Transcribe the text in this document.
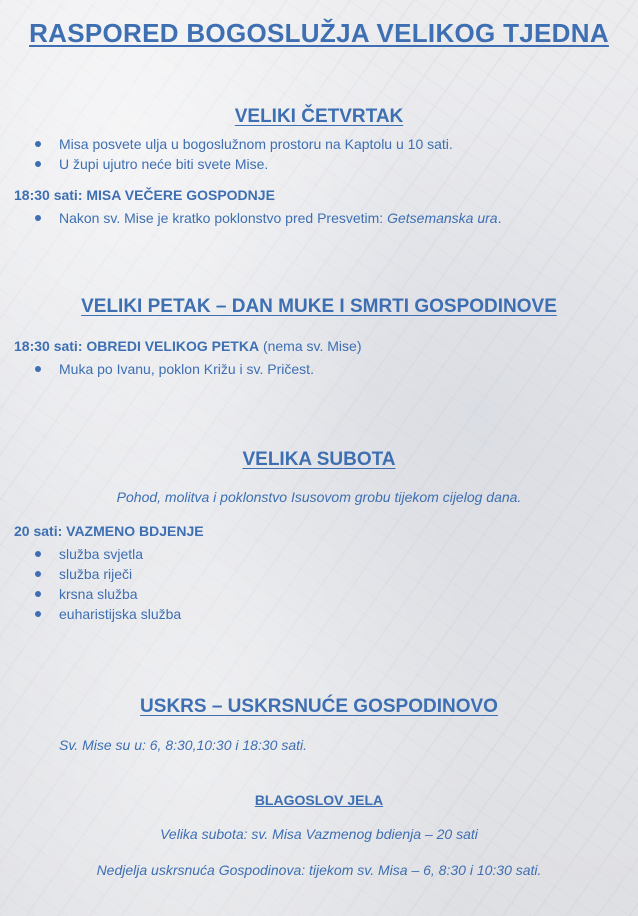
RASPORED BOGOSLUŽJA VELIKOG TJEDNA
VELIKI ČETVRTAK
Misa posvete ulja u bogoslužnom prostoru na Kaptolu u 10 sati.
U župi ujutro neće biti svete Mise.

18:30 sati: MISA VEČERE GOSPODNJE

Nakon sv. Mise je kratko poklonstvo pred Presvetim: Getsemanska ura.
VELIKI PETAK – DAN MUKE I SMRTI GOSPODINOVE

18:30 sati: OBREDI VELIKOG PETKA (nema sv. Mise)

Muka po Ivanu, poklon Križu i sv. Pričest.
VELIKA SUBOTA

Pohod, molitva i poklonstvo Isusovom grobu tijekom cijelog dana.

20 sati: VAZMENO BDJENJE

služba svjetla
služba riječi
krsna služba
euharistijska služba
USKRS – USKRSNUĆE GOSPODINOVO

Sv. Mise su u: 6, 8:30,10:30 i 18:30 sati.

BLAGOSLOV JELA

Velika subota: sv. Misa Vazmenog bdienja – 20 sati

Nedjelja uskrsnuća Gospodinova: tijekom sv. Misa – 6, 8:30 i 10:30 sati.
